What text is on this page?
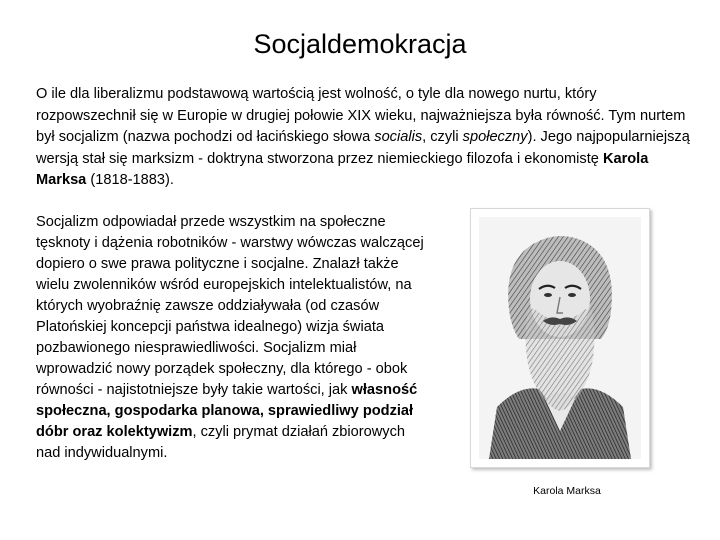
Socjaldemokracja

O ile dla liberalizmu podstawową wartością jest wolność, o tyle dla nowego nurtu, który rozpowszechnił się w Europie w drugiej połowie XIX wieku, najważniejsza była równość. Tym nurtem był socjalizm (nazwa pochodzi od łacińskiego słowa socialis, czyli społeczny). Jego najpopularniejszą wersją stał się marksizm - doktryna stworzona przez niemieckiego filozofa i ekonomistę Karola Marksa (1818-1883).

Socjalizm odpowiadał przede wszystkim na społeczne tęsknoty i dążenia robotników - warstwy wówczas walczącej dopiero o swe prawa polityczne i socjalne. Znalazł także wielu zwolenników wśród europejskich intelektualistów, na których wyobraźnię zawsze oddziaływała (od czasów Platońskiej koncepcji państwa idealnego) wizja świata pozbawionego niesprawiedliwości. Socjalizm miał wprowadzić nowy porządek społeczny, dla którego - obok równości - najistotniejsze były takie wartości, jak własność społeczna, gospodarka planowa, sprawiedliwy podział dóbr oraz kolektywizm, czyli prymat działań zbiorowych nad indywidualnymi.

Karola Marksa
